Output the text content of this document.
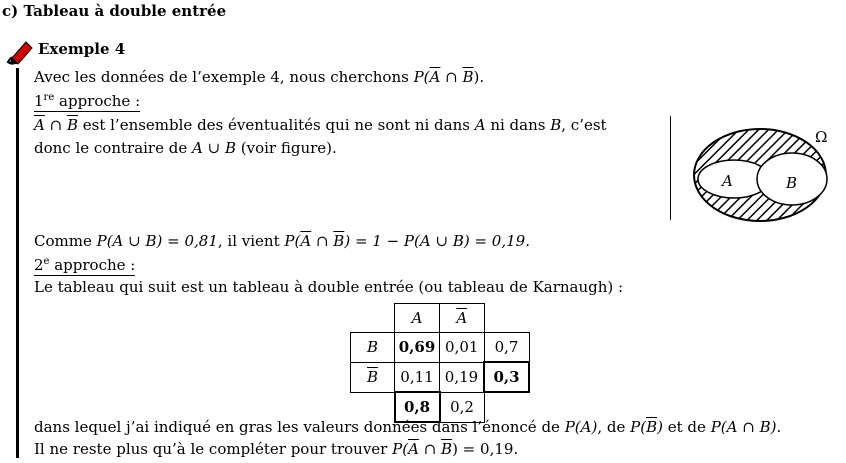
c) Tableau à double entrée
Exemple 4
Avec les données de l’exemple 4, nous cherchons $P(\overline{A}$ ∩ $\overline{B}$).
1re approche :
$\overline{A}$ ∩ $\overline{B}$ est l’ensemble des éventualités qui ne sont ni dans A ni dans B, c’est
donc le contraire de A ∪ B (voir figure).
Ω
A	B
Comme P(A ∪ B) = 0,81, il vient $P(\overline{A}$ ∩ $\overline{B}) = 1 - P(A$ ∪ B) = 0,19.
2e approche :
Le tableau qui suit est un tableau à double entrée (ou tableau de Karnaugh) :
	A	$\overline{A}$	
B	0,69	0,01	0,7
$\overline{B}$	0,11	0,19	0,3
	0,8	0,2	
dans lequel j’ai indiqué en gras les valeurs données dans l’énoncé de P(A), de $P(\overline{B})$ et de P(A ∩ B).
Il ne reste plus qu’à le compléter pour trouver $P(\overline{A}$ ∩ $\overline{B}) = 0,19$.
